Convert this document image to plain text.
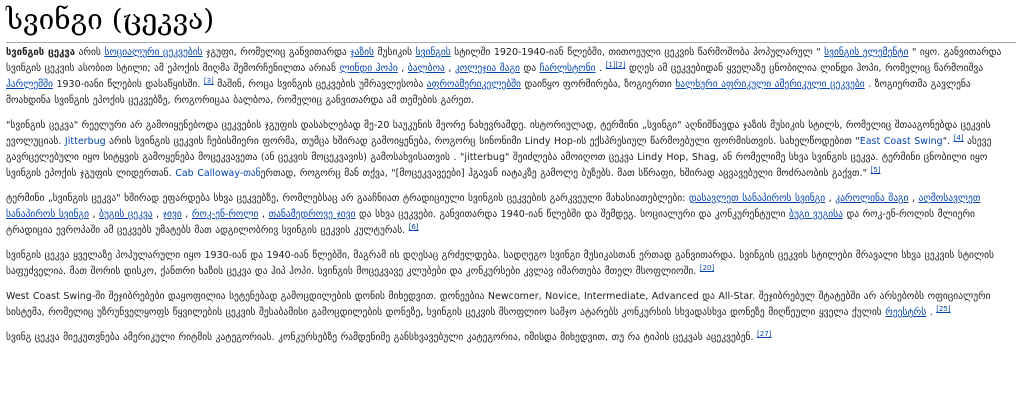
სვინგი (ცეკვა)

სვინგის ცეკვა არის სოციალური ცეკვების ჯგუფი, რომელიც განვითარდა ჯაზის მუსიკის სვინგის სტილში 1920-1940-იან წლებში, თითოეული ცეკვის წარმოშობა პოპულარულ " სვინგის ელემენტი " იყო. განვითარდა სვინგის ცეკვის ასობით სტილი; ამ ეპოქის მიღმა შემორჩენილთა არიან ლინდი ჰოპი , ბალბოა , კოლეჯია შაგი და ჩარლსტონი . [1][2] დღეს ამ ცეკვებიდან ყველაზე ცნობილია ლინდი ჰოპი, რომელიც წარმოიშვა ჰარლემში 1930-იანი წლების დასაწყისში. [3] მაშინ, როცა სვინგის ცეკვების უმრავლესობა აფროამერიკელებში დაიწყო ფორმირება, ზოგიერთი ხალხური აფრიკული ამერიკული ცეკვები . ზოგიერთმა გავლენა მოახდინა სვინგის ეპოქის ცეკვებზე, როგორიცაა ბალბოა, რომელიც განვითარდა ამ თემების გარეთ.

"სვინგის ცეკვა" რეელური არ გამოიყენებოდა ცეკვების ჯგუფის დასახლებად მე-20 საუკუნის მეორე ნახევრამდე. ისტორიულად, ტერმინი „სვინგი" აღნიშნავდა ჯაზის მუსიკის სტილს, რომელიც შთააგონებდა ცეკვის ევოლუციას. Jitterbug არის სვინგის ცეკვის ჩებისმიერი ფორმა, თუმცა ხშირად გამოიყენება, როგორც სინონიმი Lindy Hop-ის ექსპრესიულ წარმოებული ფორმისთვის. სახელწოდებით "East Coast Swing". [4] ასევე გავრცელებული იყო სიტყვის გამოყენება მოცეკვავეთა (ან ცეკვის მოცეკვავის) გამოსახვისათვის . "jitterbug" შეიძლება ამოიღოთ ცეკვა Lindy Hop, Shag, ან რომელიმე სხვა სვინგის ცეკვა. ტერმინი ცნობილი იყო სვინგის ეპოქის ჯგუფის ლიდერთან. Cab Calloway-თანერთად, როგორც მან თქვა, "[მოცეკვავეები] ჰგავან იატაკზე გამოლე ბუზებს. მათ სწრაფი, ხშირად აცვავებული მოძრაობის გაქვთ." [5]

ტერმინი „სვინგის ცეკვა" ხშირად ეფარდება სხვა ცეკვებზე, რომლებსაც არ გააჩნიათ ტრადიციული სვინგის ცეკვების გარკვეული მახასიათებლები: დასავლეთ სანაპიროს სვინგი , კაროლინა შაგი , აღმოსავლეთ სანაპიროს სვინგი , ბუგის ცეკვა , ჯივი , როკ-ენ-როლი , თანამედროვე ჯივი და სხვა ცეკვები. განვითარდა 1940-იან წლებში და შემდეგ. სოციალური და კონკურენტული ბუგი ვუგისა და როკ-ენ-როლის მლიერი ტრადიცია ევროპაში ამ ცეკვებს უმატებს მათ ადგილობრივ სვინგის ცეკვის კულტურას. [6]

სვინგის ცეკვა ყველაზე პოპულარული იყო 1930-იან და 1940-იან წლებში, მაგრამ ის დღესაც გრძელდება. სადღეგო სვინგი მუსიკასთან ერთად განვითარდა. სვინგის ცეკვის სტილები მრავალი სხვა ცეკვის სტილის საფუძველია. მათ შორის დისკო, ქანთრი ხაზის ცეკვა და ჰიპ ჰოპი. სვინგის მოცეკვავე კლუბები და კონკურსები კვლავ იმართება მთელ მსოფლიოში. [20]

West Coast Swing-ში შეჯიბრებები დაყოფილია სეტენებად გამოცდილების დონის მიხედვით. დონეებია Newcomer, Novice, Intermediate, Advanced და All-Star. შეჯიბრებულ შტატებში არ არსებობს ოფიციალური სისტემა, რომელიც უზრუნველყოფს წყვილების ცეკვის შესაბამისი გამოცდილების დონეზე, სვინგის ცეკვის მსოფლიო სამჯო ატარებს კონკურსის სხვადასხვა დონეზე მიღწეული ყველა ქულის რეესტრს . [25]

სვინგ ცეკვა მიეკუთვნება ამერიკული რიტმის კატეგორიას. კონკურსებზე რამდენიმე განსხვავებული კატეგორია, იმისდა მიხედვით, თუ რა ტიპის ცეკვას აცეკვებენ. [27]
